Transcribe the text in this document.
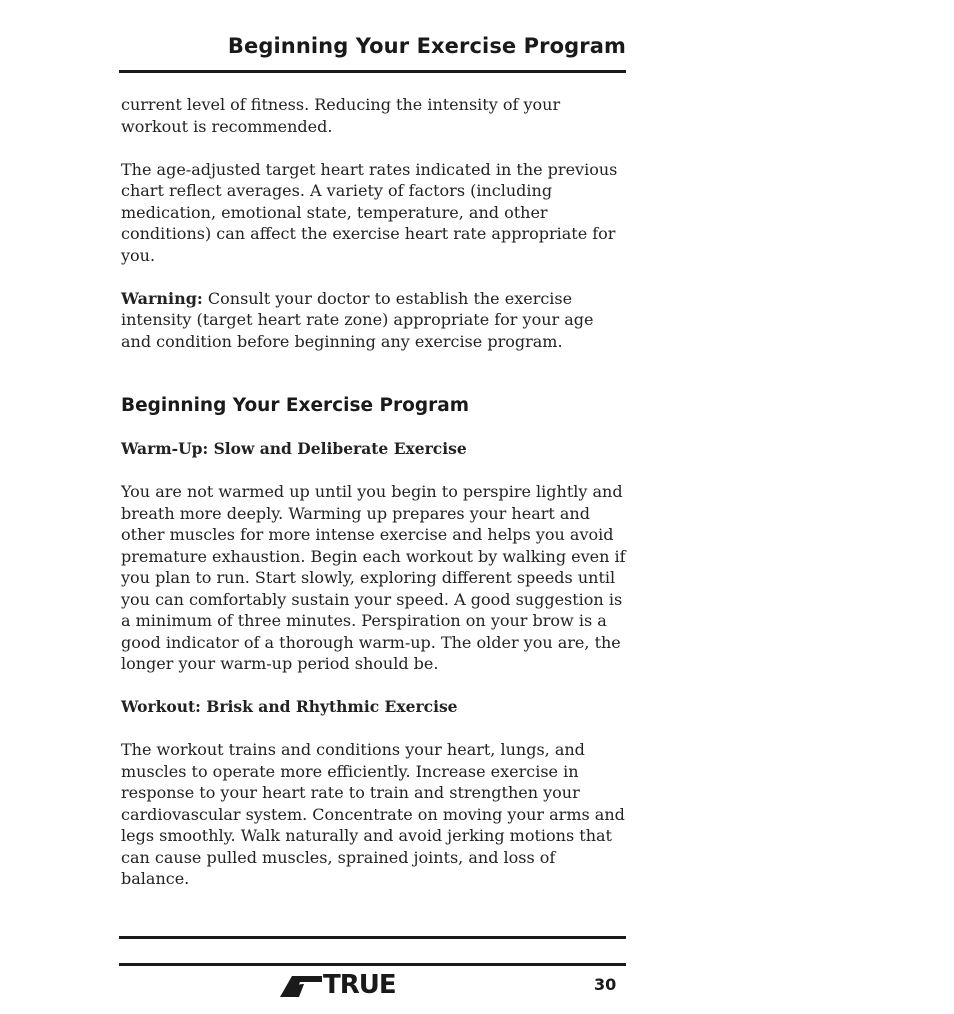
Beginning Your Exercise Program

current level of fitness. Reducing the intensity of your workout is recommended.

The age-adjusted target heart rates indicated in the previous chart reflect averages. A variety of factors (including medication, emotional state, temperature, and other conditions) can affect the exercise heart rate appropriate for you.

Warning: Consult your doctor to establish the exercise intensity (target heart rate zone) appropriate for your age and condition before beginning any exercise program.

Beginning Your Exercise Program

Warm-Up: Slow and Deliberate Exercise

You are not warmed up until you begin to perspire lightly and breath more deeply. Warming up prepares your heart and other muscles for more intense exercise and helps you avoid premature exhaustion. Begin each workout by walking even if you plan to run. Start slowly, exploring different speeds until you can comfortably sustain your speed. A good suggestion is a minimum of three minutes. Perspiration on your brow is a good indicator of a thorough warm-up. The older you are, the longer your warm-up period should be.

Workout: Brisk and Rhythmic Exercise

The workout trains and conditions your heart, lungs, and muscles to operate more efficiently. Increase exercise in response to your heart rate to train and strengthen your cardiovascular system. Concentrate on moving your arms and legs smoothly. Walk naturally and avoid jerking motions that can cause pulled muscles, sprained joints, and loss of balance.

TRUE	30
